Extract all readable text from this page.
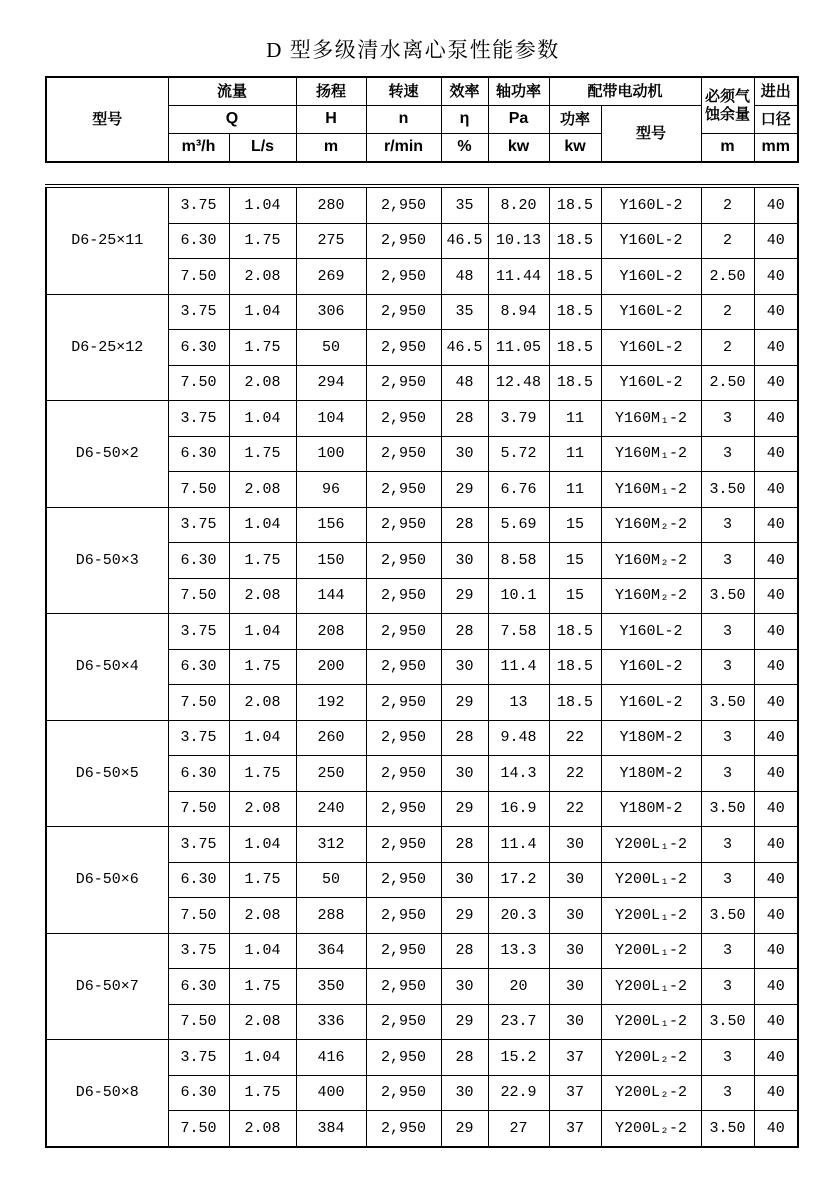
D 型多级清水离心泵性能参数
型号	流量		扬程	转速	效率	轴功率	配带电动机		必须气蚀余量	进出
	Q		H	n	η	Pa	功率	型号		口径
	m³/h	L/s	m	r/min	%	kw	kw		m	mm
D6-25×11	3.75	1.04	280	2,950	35	8.20	18.5	Y160L-2	2	40
	6.30	1.75	275	2,950	46.5	10.13	18.5	Y160L-2	2	40
	7.50	2.08	269	2,950	48	11.44	18.5	Y160L-2	2.50	40
D6-25×12	3.75	1.04	306	2,950	35	8.94	18.5	Y160L-2	2	40
	6.30	1.75	50	2,950	46.5	11.05	18.5	Y160L-2	2	40
	7.50	2.08	294	2,950	48	12.48	18.5	Y160L-2	2.50	40
D6-50×2	3.75	1.04	104	2,950	28	3.79	11	Y160M₁-2	3	40
	6.30	1.75	100	2,950	30	5.72	11	Y160M₁-2	3	40
	7.50	2.08	96	2,950	29	6.76	11	Y160M₁-2	3.50	40
D6-50×3	3.75	1.04	156	2,950	28	5.69	15	Y160M₂-2	3	40
	6.30	1.75	150	2,950	30	8.58	15	Y160M₂-2	3	40
	7.50	2.08	144	2,950	29	10.1	15	Y160M₂-2	3.50	40
D6-50×4	3.75	1.04	208	2,950	28	7.58	18.5	Y160L-2	3	40
	6.30	1.75	200	2,950	30	11.4	18.5	Y160L-2	3	40
	7.50	2.08	192	2,950	29	13	18.5	Y160L-2	3.50	40
D6-50×5	3.75	1.04	260	2,950	28	9.48	22	Y180M-2	3	40
	6.30	1.75	250	2,950	30	14.3	22	Y180M-2	3	40
	7.50	2.08	240	2,950	29	16.9	22	Y180M-2	3.50	40
D6-50×6	3.75	1.04	312	2,950	28	11.4	30	Y200L₁-2	3	40
	6.30	1.75	50	2,950	30	17.2	30	Y200L₁-2	3	40
	7.50	2.08	288	2,950	29	20.3	30	Y200L₁-2	3.50	40
D6-50×7	3.75	1.04	364	2,950	28	13.3	30	Y200L₁-2	3	40
	6.30	1.75	350	2,950	30	20	30	Y200L₁-2	3	40
	7.50	2.08	336	2,950	29	23.7	30	Y200L₁-2	3.50	40
D6-50×8	3.75	1.04	416	2,950	28	15.2	37	Y200L₂-2	3	40
	6.30	1.75	400	2,950	30	22.9	37	Y200L₂-2	3	40
	7.50	2.08	384	2,950	29	27	37	Y200L₂-2	3.50	40
